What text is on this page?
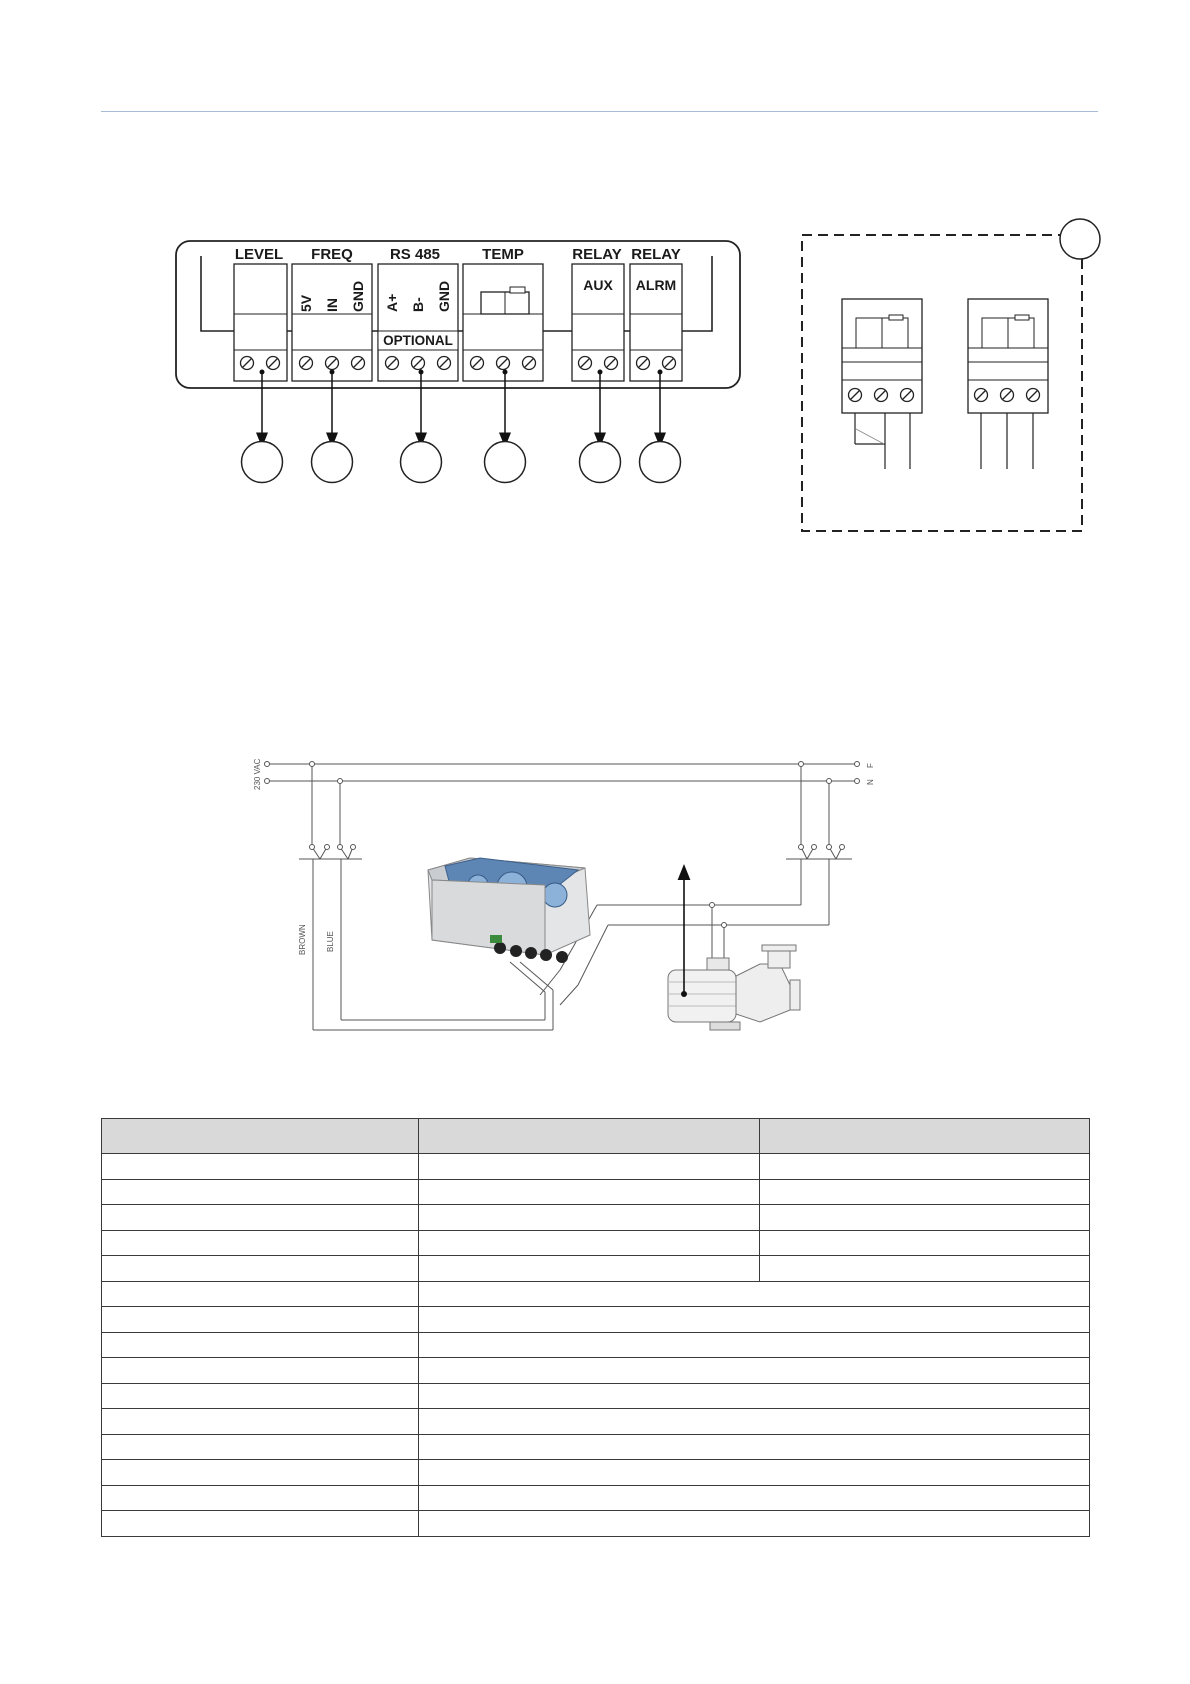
5V IN GND A+ B- GND
OPTIONAL
AUX ALRM
LEVEL FREQ RS 485	TEMP	RELAY RELAY
230 VAC	F
N
BROWN BLUE
